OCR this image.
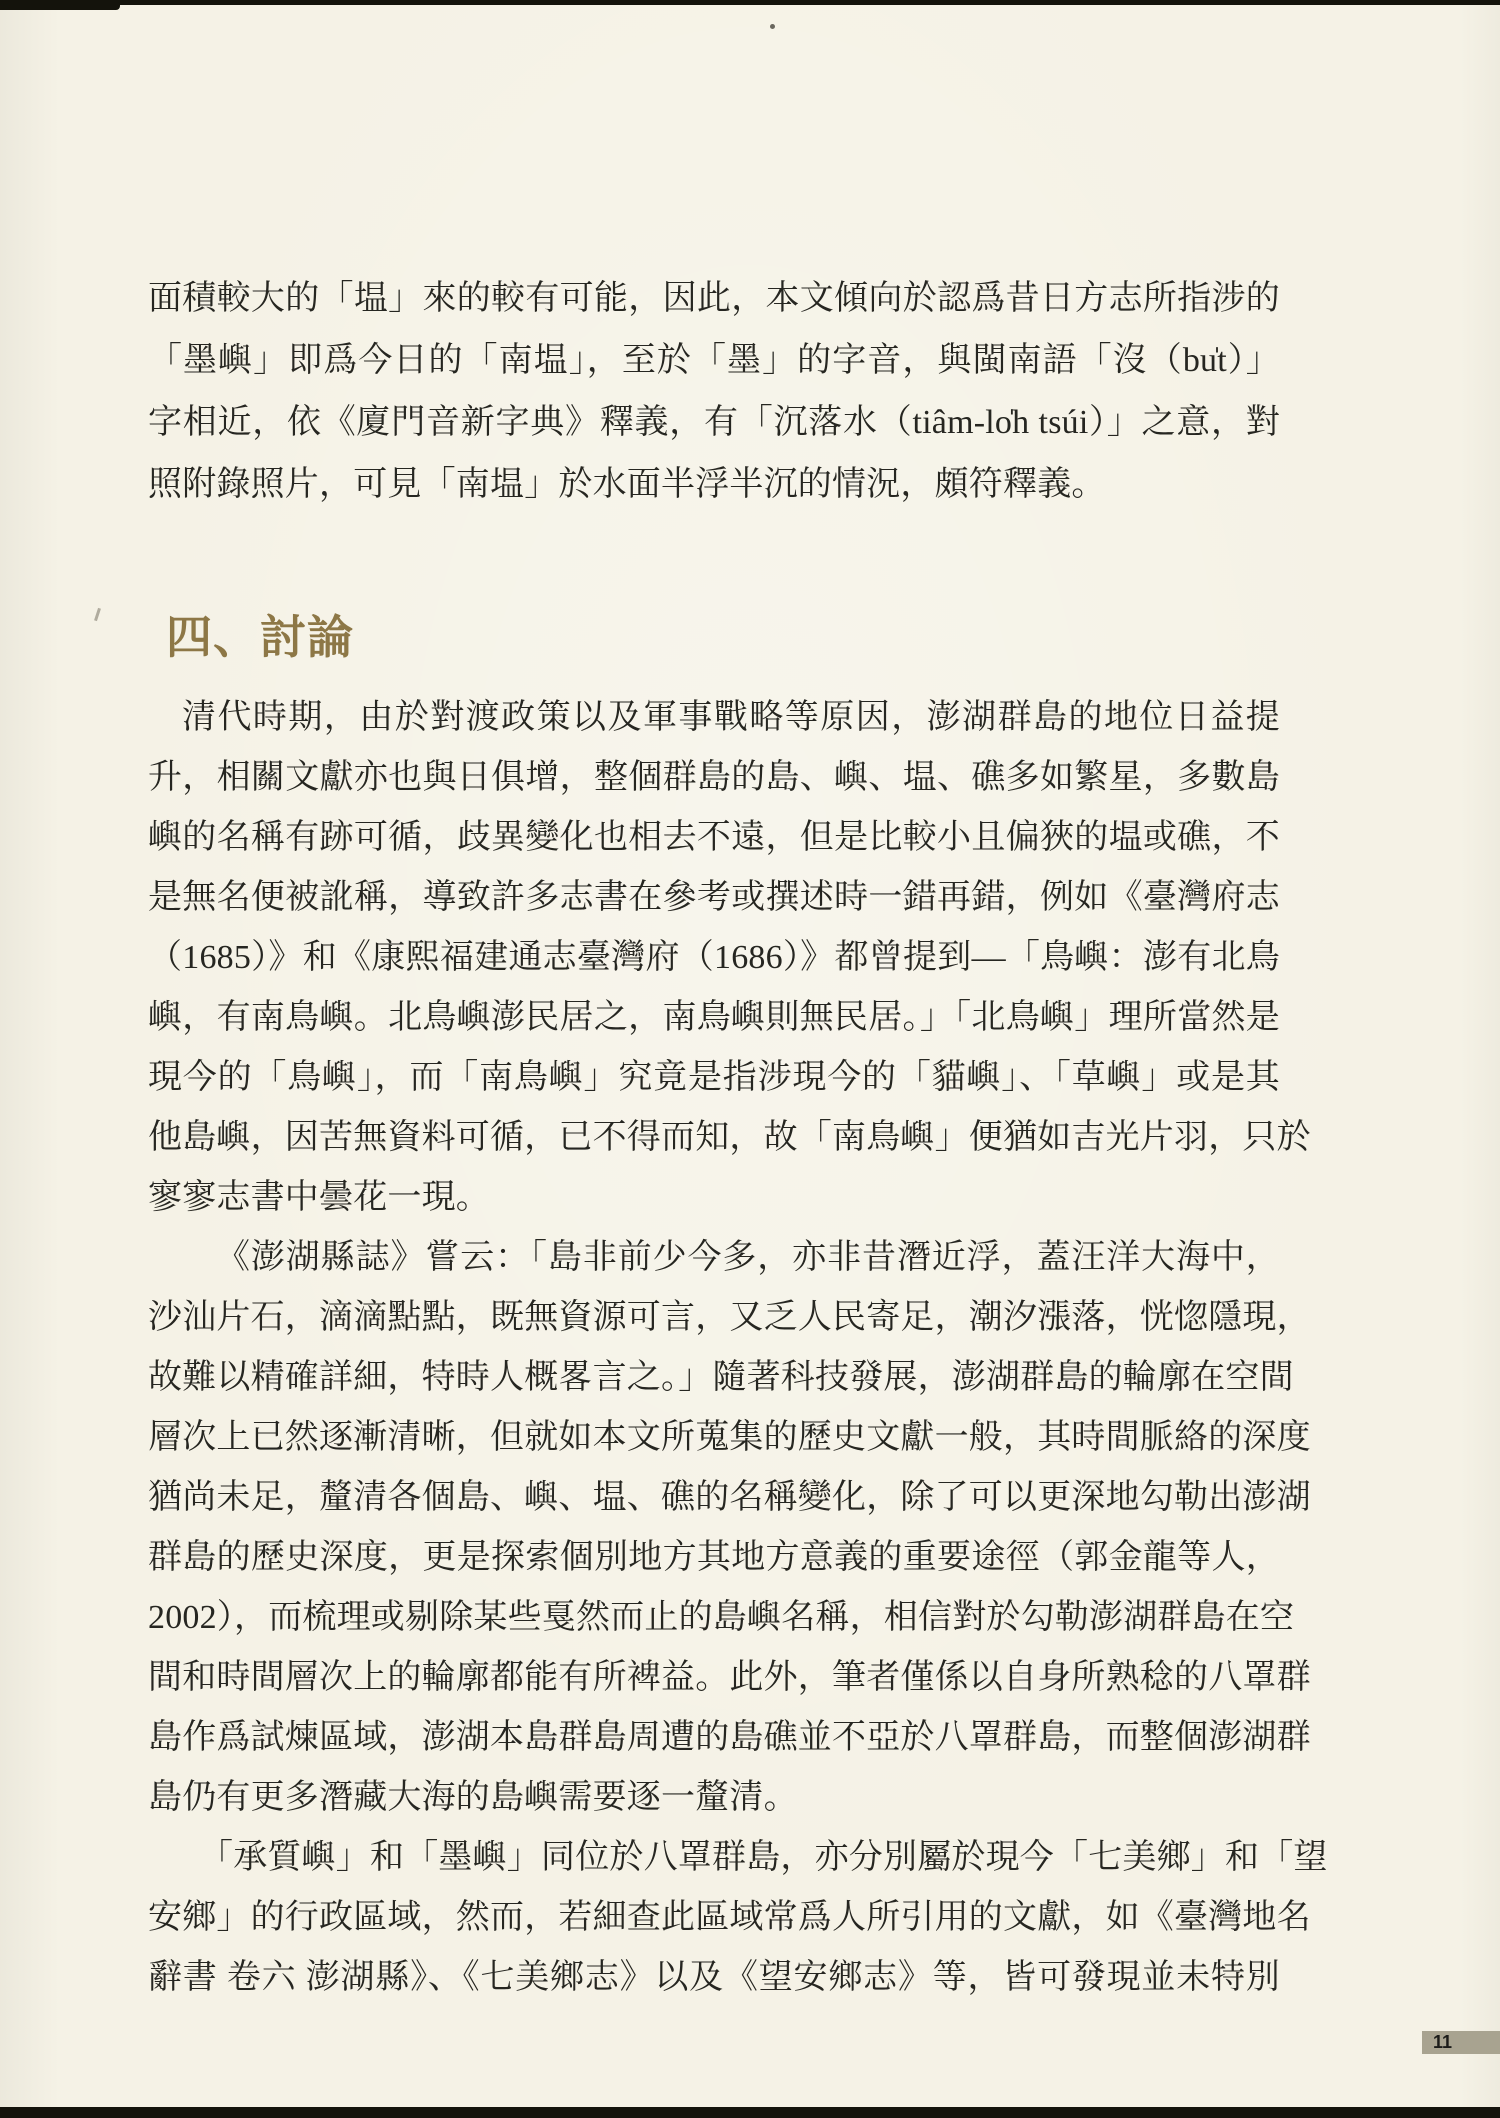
面積較大的「塭」來的較有可能，因此，本文傾向於認爲昔日方志所指涉的
「墨嶼」即爲今日的「南塭」，至於「墨」的字音，與閩南語「沒（bu̍t）」
字相近，依《廈門音新字典》釋義，有「沉落水（tiâm-lo̍h tsúi）」之意，對
照附錄照片，可見「南塭」於水面半浮半沉的情況，頗符釋義。
四、討論
清代時期，由於對渡政策以及軍事戰略等原因，澎湖群島的地位日益提
升，相關文獻亦也與日俱增，整個群島的島、嶼、塭、礁多如繁星，多數島
嶼的名稱有跡可循，歧異變化也相去不遠，但是比較小且偏狹的塭或礁，不
是無名便被訛稱，導致許多志書在參考或撰述時一錯再錯，例如《臺灣府志
（1685）》和《康熙福建通志臺灣府（1686）》都曾提到—「鳥嶼：澎有北鳥
嶼，有南鳥嶼。北鳥嶼澎民居之，南鳥嶼則無民居。」「北鳥嶼」理所當然是
現今的「鳥嶼」，而「南鳥嶼」究竟是指涉現今的「貓嶼」、「草嶼」或是其
他島嶼，因苦無資料可循，已不得而知，故「南鳥嶼」便猶如吉光片羽，只於
寥寥志書中曇花一現。
《澎湖縣誌》嘗云：「島非前少今多，亦非昔潛近浮，蓋汪洋大海中，
沙汕片石，滴滴點點，既無資源可言，又乏人民寄足，潮汐漲落，恍惚隱現，
故難以精確詳細，特時人概畧言之。」隨著科技發展，澎湖群島的輪廓在空間
層次上已然逐漸清晰，但就如本文所蒐集的歷史文獻一般，其時間脈絡的深度
猶尚未足，釐清各個島、嶼、塭、礁的名稱變化，除了可以更深地勾勒出澎湖
群島的歷史深度，更是探索個別地方其地方意義的重要途徑（郭金龍等人，
2002），而梳理或剔除某些戛然而止的島嶼名稱，相信對於勾勒澎湖群島在空
間和時間層次上的輪廓都能有所裨益。此外，筆者僅係以自身所熟稔的八罩群
島作爲試煉區域，澎湖本島群島周遭的島礁並不亞於八罩群島，而整個澎湖群
島仍有更多潛藏大海的島嶼需要逐一釐清。
「承質嶼」和「墨嶼」同位於八罩群島，亦分別屬於現今「七美鄉」和「望
安鄉」的行政區域，然而，若細查此區域常爲人所引用的文獻，如《臺灣地名
辭書 卷六 澎湖縣》、《七美鄉志》以及《望安鄉志》等，皆可發現並未特別
11
